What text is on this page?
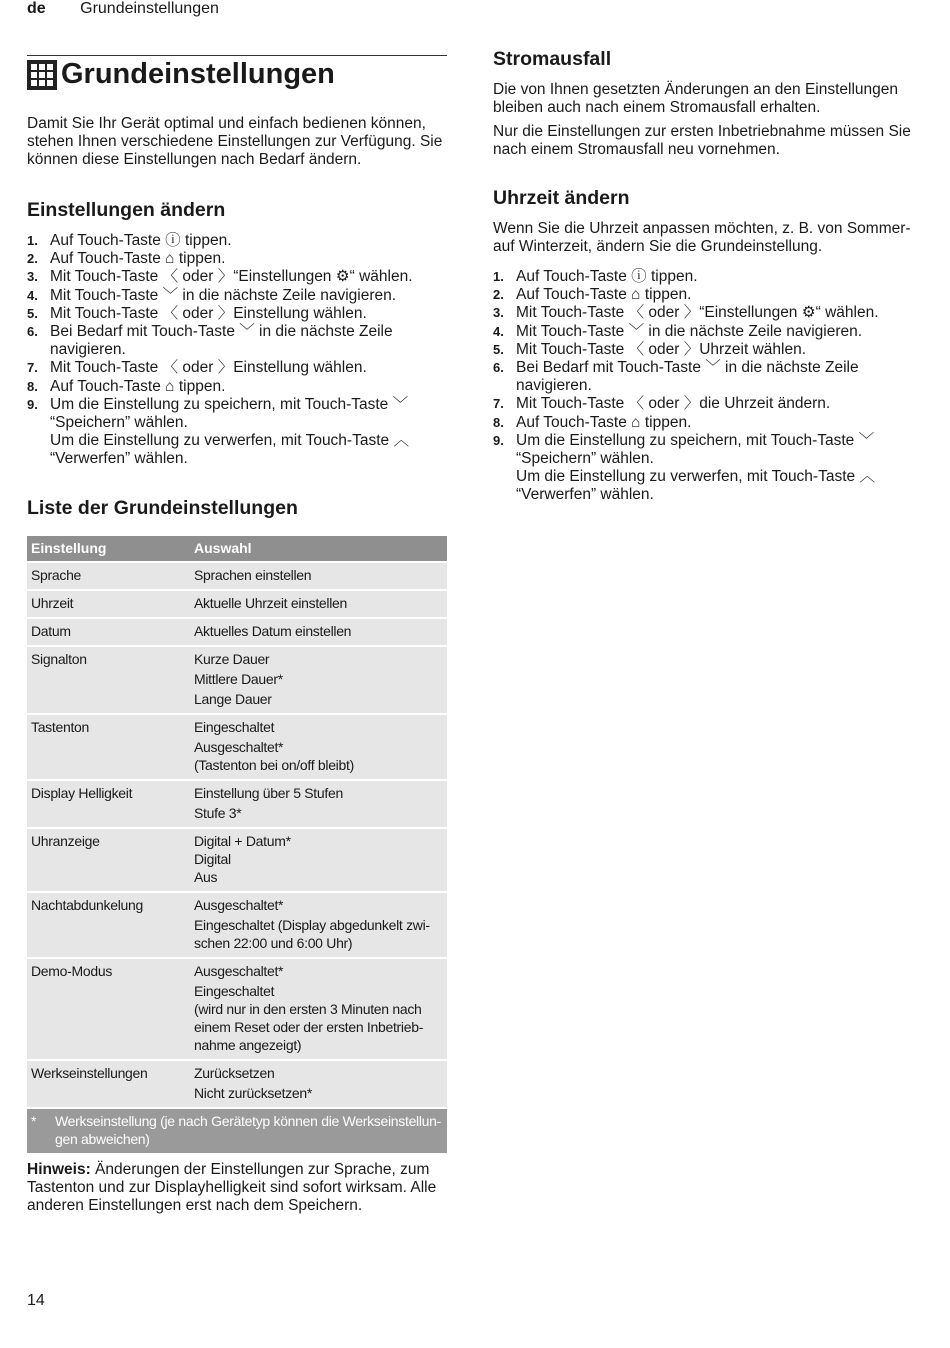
de Grundeinstellungen
Grundeinstellungen

Damit Sie Ihr Gerät optimal und einfach bedienen können, stehen Ihnen verschiedene Einstellungen zur Verfügung. Sie können diese Einstellungen nach Bedarf ändern.

Einstellungen ändern
1. Auf Touch-Taste ⓘ tippen.
2. Auf Touch-Taste ⌂ tippen.
3. Mit Touch-Taste 〈 oder 〉“Einstellungen ⚙“ wählen.
4. Mit Touch-Taste ﹀ in die nächste Zeile navigieren.
5. Mit Touch-Taste 〈 oder 〉Einstellung wählen.
6. Bei Bedarf mit Touch-Taste ﹀ in die nächste Zeile navigieren.
7. Mit Touch-Taste 〈 oder 〉Einstellung wählen.
8. Auf Touch-Taste ⌂ tippen.
9. Um die Einstellung zu speichern, mit Touch-Taste ﹀ “Speichern” wählen.
Um die Einstellung zu verwerfen, mit Touch-Taste ︿ “Verwerfen” wählen.
Liste der Grundeinstellungen
Einstellung	Auswahl
Sprache	Sprachen einstellen

Uhrzeit	Aktuelle Uhrzeit einstellen

Datum	Aktuelles Datum einstellen

Signalton	Kurze Dauer
Mittlere Dauer*
Lange Dauer

Tastenton	Eingeschaltet
Ausgeschaltet*
(Tastenton bei on/off bleibt)

Display Helligkeit	Einstellung über 5 Stufen
Stufe 3*

Uhranzeige	Digital + Datum*
Digital
Aus

Nachtabdunkelung	Ausgeschaltet*
Eingeschaltet (Display abgedunkelt zwi-
schen 22:00 und 6:00 Uhr)

Demo-Modus	Ausgeschaltet*
Eingeschaltet
(wird nur in den ersten 3 Minuten nach
einem Reset oder der ersten Inbetrieb-
nahme angezeigt)

Werkseinstellungen	Zurücksetzen
Nicht zurücksetzen*

* Werkseinstellung (je nach Gerätetyp können die Werkseinstellun-
gen abweichen)	

Hinweis: Änderungen der Einstellungen zur Sprache, zum Tastenton und zur Displayhelligkeit sind sofort wirksam. Alle anderen Einstellungen erst nach dem Speichern.

Stromausfall

Die von Ihnen gesetzten Änderungen an den Einstellungen bleiben auch nach einem Stromausfall erhalten.

Nur die Einstellungen zur ersten Inbetriebnahme müssen Sie nach einem Stromausfall neu vornehmen.

Uhrzeit ändern

Wenn Sie die Uhrzeit anpassen möchten, z. B. von Sommer- auf Winterzeit, ändern Sie die Grundeinstellung.

1. Auf Touch-Taste ⓘ tippen.
2. Auf Touch-Taste ⌂ tippen.
3. Mit Touch-Taste 〈 oder 〉“Einstellungen ⚙“ wählen.
4. Mit Touch-Taste ﹀ in die nächste Zeile navigieren.
5. Mit Touch-Taste 〈 oder 〉Uhrzeit wählen.
6. Bei Bedarf mit Touch-Taste ﹀ in die nächste Zeile navigieren.
7. Mit Touch-Taste 〈 oder 〉die Uhrzeit ändern.
8. Auf Touch-Taste ⌂ tippen.
9. Um die Einstellung zu speichern, mit Touch-Taste ﹀ “Speichern” wählen.
Um die Einstellung zu verwerfen, mit Touch-Taste ︿ “Verwerfen” wählen.
14
